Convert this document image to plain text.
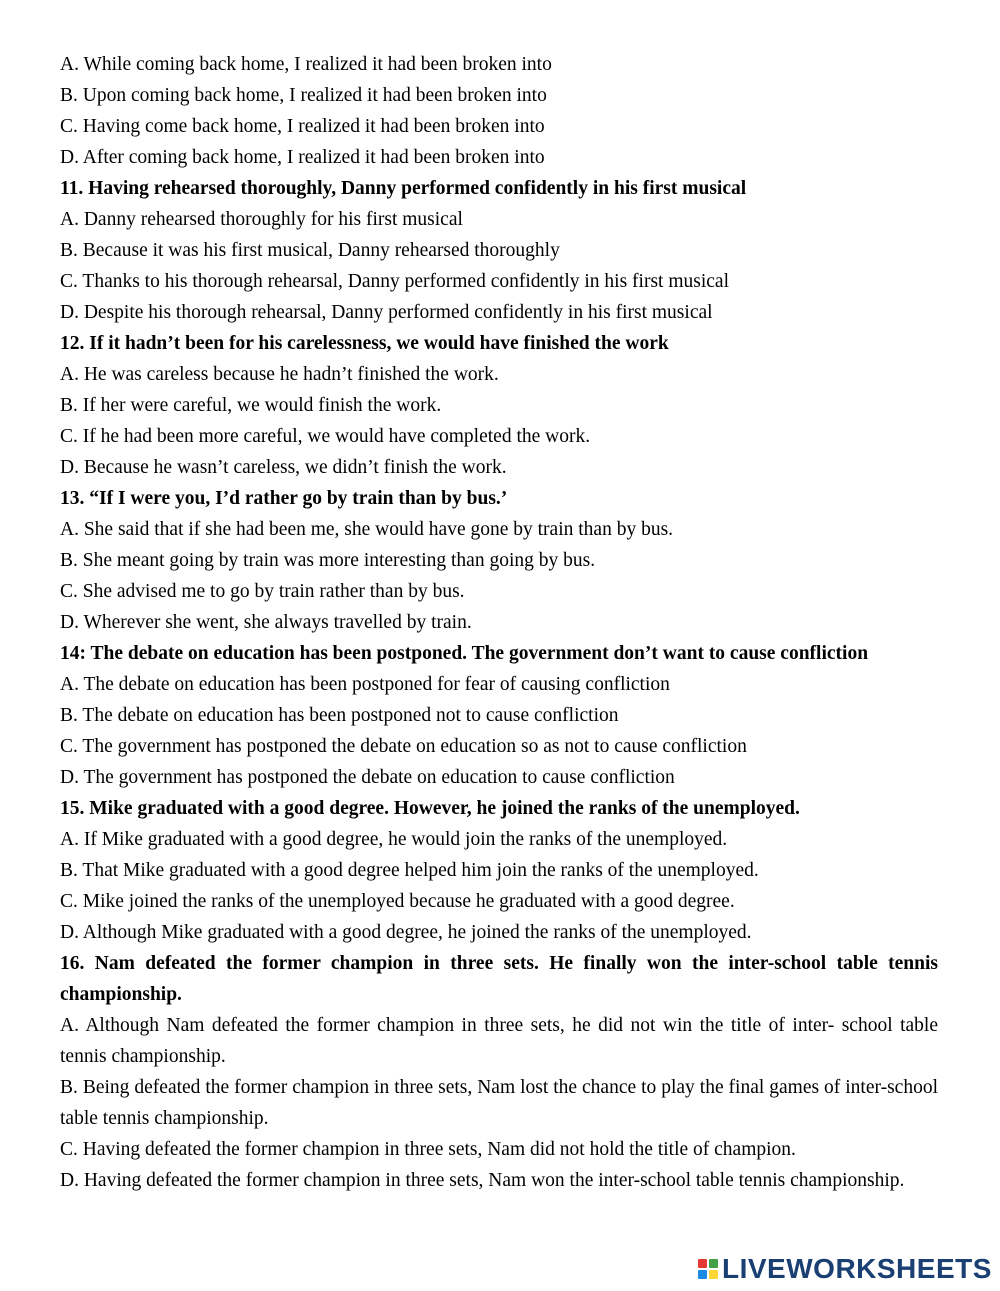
A. While coming back home, I realized it had been broken into
B. Upon coming back home, I realized it had been broken into
C. Having come back home, I realized it had been broken into
D. After coming back home, I realized it had been broken into
11. Having rehearsed thoroughly, Danny performed confidently in his first musical
A. Danny rehearsed thoroughly for his first musical
B. Because it was his first musical, Danny rehearsed thoroughly
C. Thanks to his thorough rehearsal, Danny performed confidently in his first musical
D. Despite his thorough rehearsal, Danny performed confidently in his first musical
12. If it hadn’t been for his carelessness, we would have finished the work
A. He was careless because he hadn’t finished the work.
B. If her were careful, we would finish the work.
C. If he had been more careful, we would have completed the work.
D. Because he wasn’t careless, we didn’t finish the work.
13. “If I were you, I’d rather go by train than by bus.’
A. She said that if she had been me, she would have gone by train than by bus.
B. She meant going by train was more interesting than going by bus.
C. She advised me to go by train rather than by bus.
D. Wherever she went, she always travelled by train.
14: The debate on education has been postponed. The government don’t want to cause confliction
A. The debate on education has been postponed for fear of causing confliction
B. The debate on education has been postponed not to cause confliction
C. The government has postponed the debate on education so as not to cause confliction
D. The government has postponed the debate on education to cause confliction
15. Mike graduated with a good degree. However, he joined the ranks of the unemployed.
A. If Mike graduated with a good degree, he would join the ranks of the unemployed.
B. That Mike graduated with a good degree helped him join the ranks of the unemployed.
C. Mike joined the ranks of the unemployed because he graduated with a good degree.
D. Although Mike graduated with a good degree, he joined the ranks of the unemployed.
16. Nam defeated the former champion in three sets. He finally won the inter-school table tennis championship.
A. Although Nam defeated the former champion in three sets, he did not win the title of inter- school table tennis championship.
B. Being defeated the former champion in three sets, Nam lost the chance to play the final games of inter-school table tennis championship.
C. Having defeated the former champion in three sets, Nam did not hold the title of champion.
D. Having defeated the former champion in three sets, Nam won the inter-school table tennis championship.
LIVEWORKSHEETS
